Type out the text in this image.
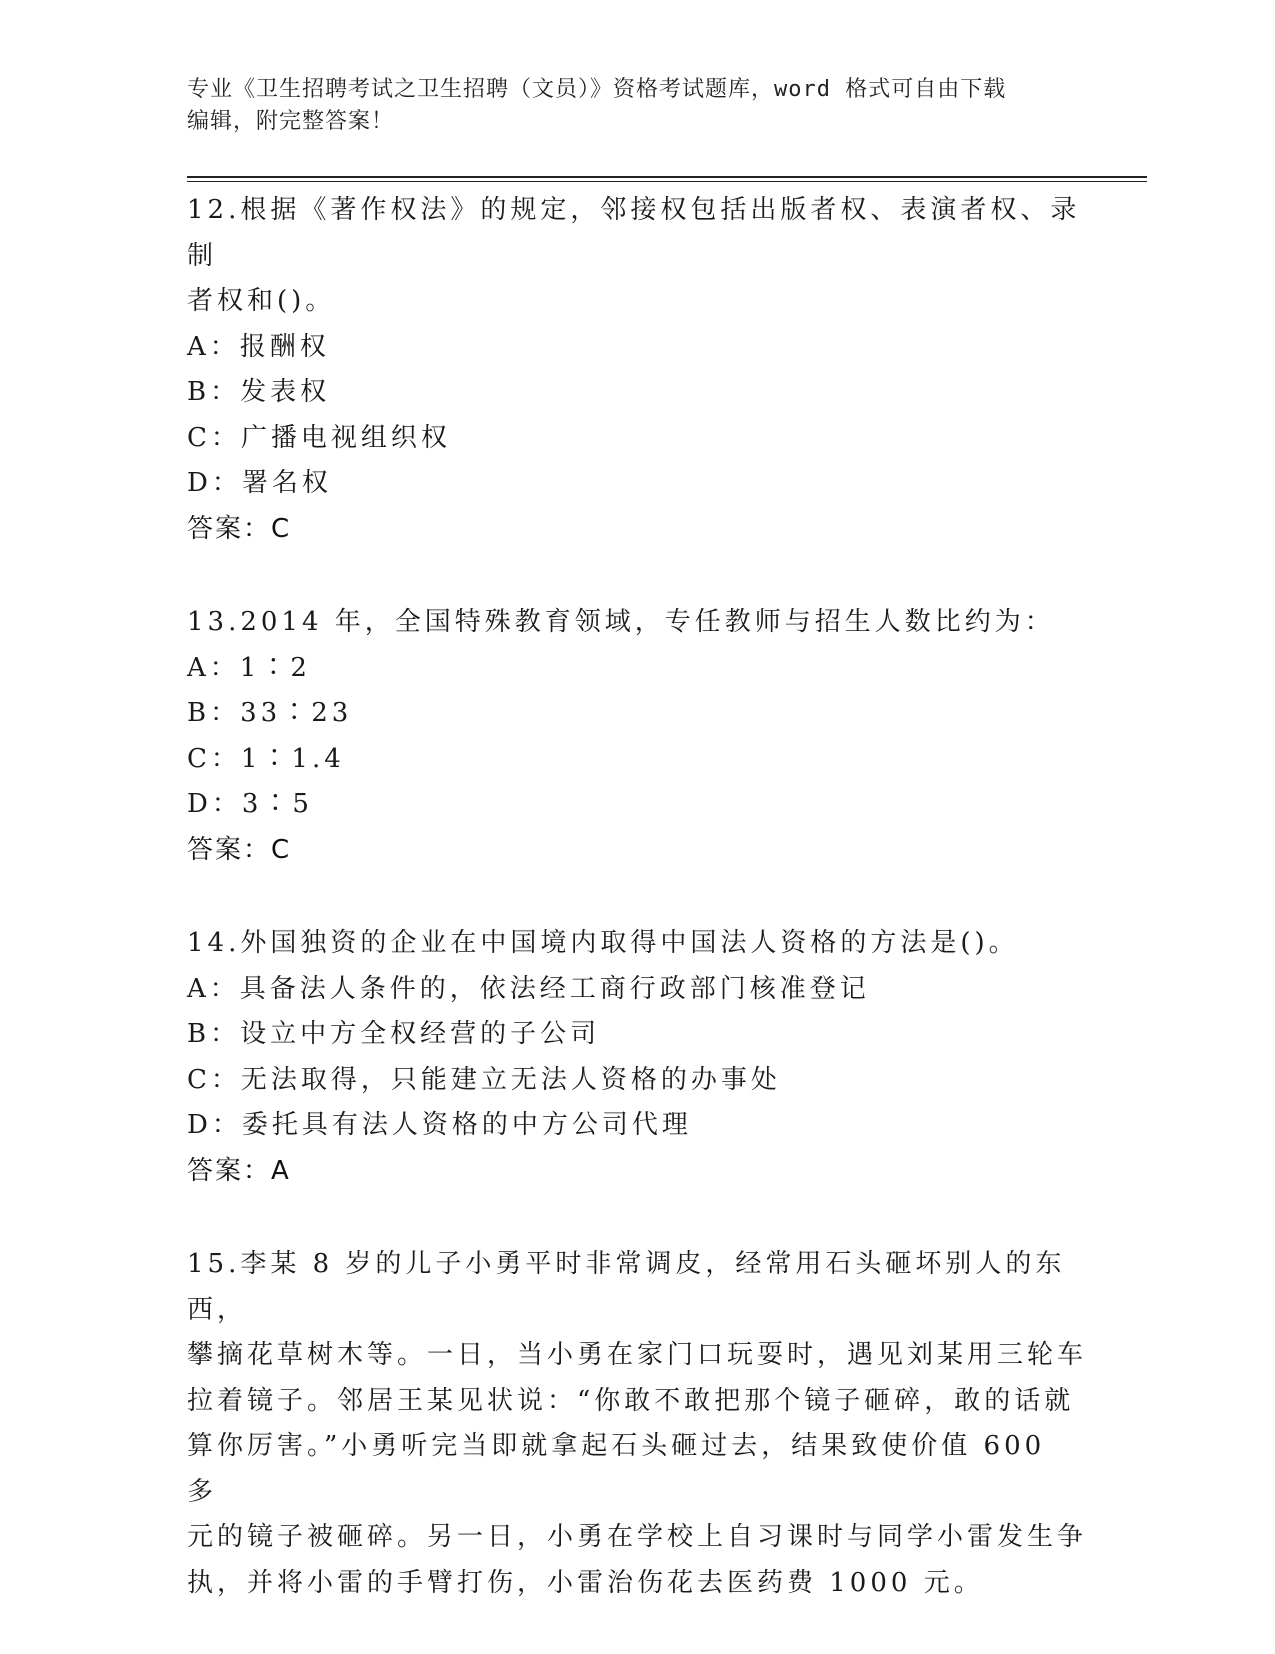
专业《卫生招聘考试之卫生招聘（文员）》资格考试题库，word 格式可自由下载
编辑，附完整答案！
12.根据《著作权法》的规定，邻接权包括出版者权、表演者权、录制
者权和()。
A：报酬权
B：发表权
C：广播电视组织权
D：署名权
答案：C
13.2014 年，全国特殊教育领域，专任教师与招生人数比约为：
A：1∶2
B：33∶23
C：1∶1.4
D：3∶5
答案：C
14.外国独资的企业在中国境内取得中国法人资格的方法是()。
A：具备法人条件的，依法经工商行政部门核准登记
B：设立中方全权经营的子公司
C：无法取得，只能建立无法人资格的办事处
D：委托具有法人资格的中方公司代理
答案：A
15.李某 8 岁的儿子小勇平时非常调皮，经常用石头砸坏别人的东西，
攀摘花草树木等。一日，当小勇在家门口玩耍时，遇见刘某用三轮车
拉着镜子。邻居王某见状说：“你敢不敢把那个镜子砸碎，敢的话就
算你厉害。”小勇听完当即就拿起石头砸过去，结果致使价值 600 多
元的镜子被砸碎。另一日，小勇在学校上自习课时与同学小雷发生争
执，并将小雷的手臂打伤，小雷治伤花去医药费 1000 元。
